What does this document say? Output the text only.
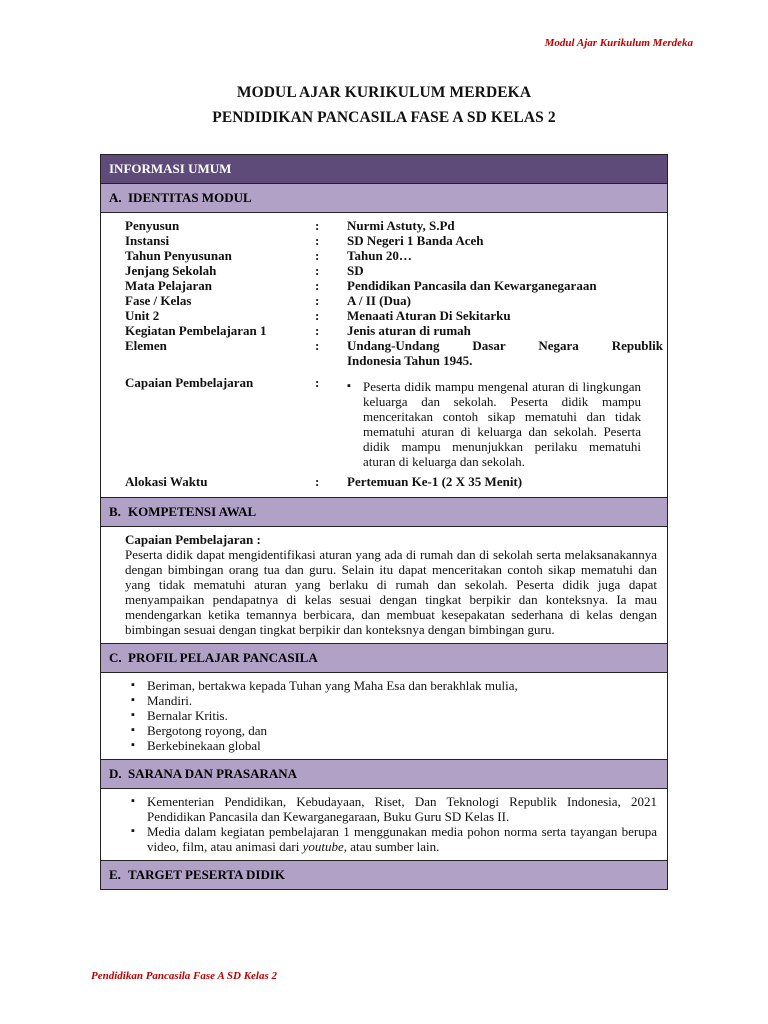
Modul Ajar Kurikulum Merdeka
MODUL AJAR KURIKULUM MERDEKA
PENDIDIKAN PANCASILA FASE A SD KELAS 2
INFORMASI UMUM
A. IDENTITAS MODUL
Penyusun	:	Nurmi Astuty, S.Pd
Instansi	:	SD Negeri 1 Banda Aceh
Tahun Penyusunan	:	Tahun 20…
Jenjang Sekolah	:	SD
Mata Pelajaran	:	Pendidikan Pancasila dan Kewarganegaraan
Fase / Kelas	:	A / II (Dua)
Unit 2	:	Menaati Aturan Di Sekitarku
Kegiatan Pembelajaran 1	:	Jenis aturan di rumah
Elemen	:	Undang-Undang Dasar Negara Republik
Indonesia Tahun 1945.
Capaian Pembelajaran	:
▪	Peserta didik mampu mengenal aturan di lingkungan keluarga dan sekolah. Peserta didik mampu menceritakan contoh sikap mematuhi dan tidak mematuhi aturan di keluarga dan sekolah. Peserta didik mampu menunjukkan perilaku mematuhi aturan di keluarga dan sekolah.
Alokasi Waktu	:	Pertemuan Ke-1 (2 X 35 Menit)
B. KOMPETENSI AWAL
Capaian Pembelajaran :
Peserta didik dapat mengidentifikasi aturan yang ada di rumah dan di sekolah serta melaksanakannya dengan bimbingan orang tua dan guru. Selain itu dapat menceritakan contoh sikap mematuhi dan yang tidak mematuhi aturan yang berlaku di rumah dan sekolah. Peserta didik juga dapat menyampaikan pendapatnya di kelas sesuai dengan tingkat berpikir dan konteksnya. Ia mau mendengarkan ketika temannya berbicara, dan membuat kesepakatan sederhana di kelas dengan bimbingan sesuai dengan tingkat berpikir dan konteksnya dengan bimbingan guru.
C. PROFIL PELAJAR PANCASILA
▪ Beriman, bertakwa kepada Tuhan yang Maha Esa dan berakhlak mulia,
▪ Mandiri.
▪ Bernalar Kritis.
▪ Bergotong royong, dan
▪ Berkebinekaan global
D. SARANA DAN PRASARANA
▪ Kementerian Pendidikan, Kebudayaan, Riset, Dan Teknologi Republik Indonesia, 2021 Pendidikan Pancasila dan Kewarganegaraan, Buku Guru SD Kelas II.
▪ Media dalam kegiatan pembelajaran 1 menggunakan media pohon norma serta tayangan berupa video, film, atau animasi dari youtube, atau sumber lain.
E. TARGET PESERTA DIDIK
Pendidikan Pancasila Fase A SD Kelas 2
